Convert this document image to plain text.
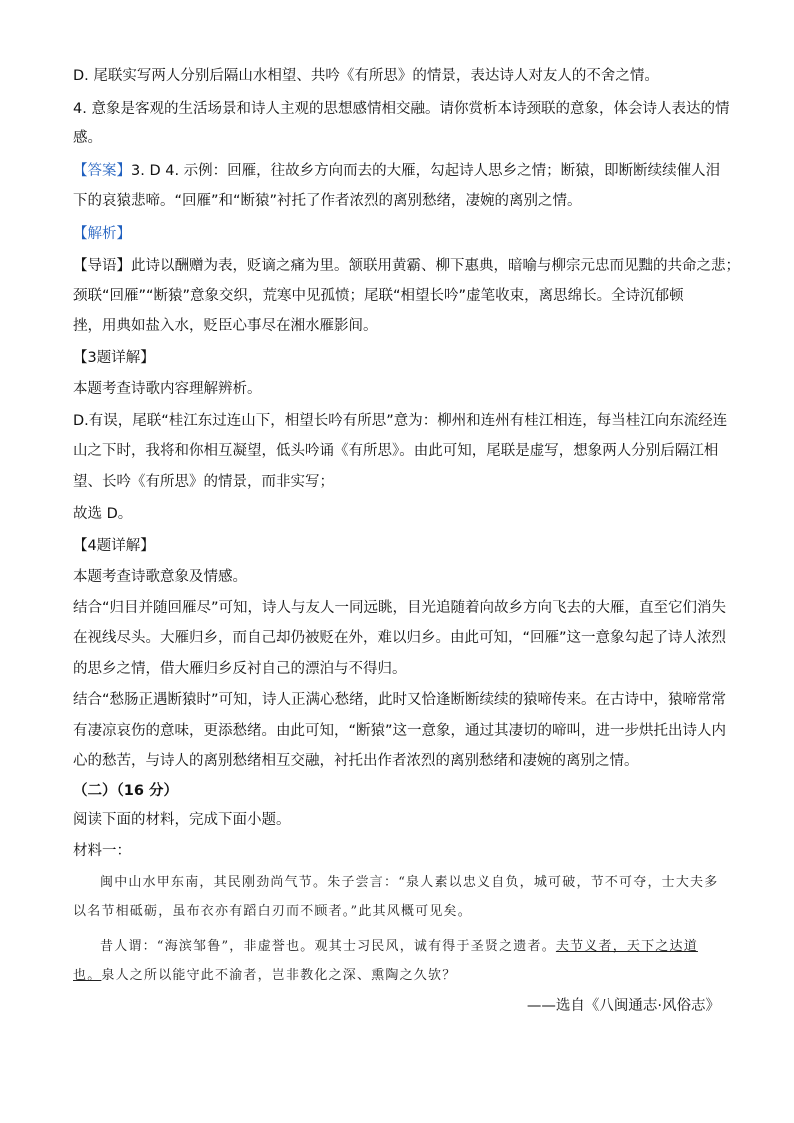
D. 尾联实写两人分别后隔山水相望、共吟《有所思》的情景，表达诗人对友人的不舍之情。
4. 意象是客观的生活场景和诗人主观的思想感情相交融。请你赏析本诗颈联的意象，体会诗人表达的情
感。
【答案】3. D 4. 示例：回雁，往故乡方向而去的大雁，勾起诗人思乡之情；断猿，即断断续续催人泪
下的哀猿悲啼。“回雁”和“断猿”衬托了作者浓烈的离别愁绪，凄婉的离别之情。
【解析】
【导语】此诗以酬赠为表，贬谪之痛为里。颔联用黄霸、柳下惠典，暗喻与柳宗元忠而见黜的共命之悲；
颈联“回雁”“断猿”意象交织，荒寒中见孤愤；尾联“相望长吟”虚笔收束，离思绵长。全诗沉郁顿
挫，用典如盐入水，贬臣心事尽在湘水雁影间。
【3题详解】
本题考查诗歌内容理解辨析。
D.有误，尾联“桂江东过连山下，相望长吟有所思”意为：柳州和连州有桂江相连，每当桂江向东流经连
山之下时，我将和你相互凝望，低头吟诵《有所思》。由此可知，尾联是虚写，想象两人分别后隔江相
望、长吟《有所思》的情景，而非实写；
故选 D。
【4题详解】
本题考查诗歌意象及情感。
结合“归目并随回雁尽”可知，诗人与友人一同远眺，目光追随着向故乡方向飞去的大雁，直至它们消失
在视线尽头。大雁归乡，而自己却仍被贬在外，难以归乡。由此可知，“回雁”这一意象勾起了诗人浓烈
的思乡之情，借大雁归乡反衬自己的漂泊与不得归。
结合“愁肠正遇断猿时”可知，诗人正满心愁绪，此时又恰逢断断续续的猿啼传来。在古诗中，猿啼常常
有凄凉哀伤的意味，更添愁绪。由此可知，“断猿”这一意象，通过其凄切的啼叫，进一步烘托出诗人内
心的愁苦，与诗人的离别愁绪相互交融，衬托出作者浓烈的离别愁绪和凄婉的离别之情。
（二）（16 分）
阅读下面的材料，完成下面小题。
材料一：
闽中山水甲东南，其民刚劲尚气节。朱子尝言：“泉人素以忠义自负，城可破，节不可夺，士大夫多
以名节相砥砺，虽布衣亦有蹈白刃而不顾者。”此其风概可见矣。
昔人谓：“海滨邹鲁”，非虚誉也。观其士习民风，诚有得于圣贤之遗者。夫节义者，天下之达道
也。泉人之所以能守此不渝者，岂非教化之深、熏陶之久欤？
——选自《八闽通志·风俗志》
